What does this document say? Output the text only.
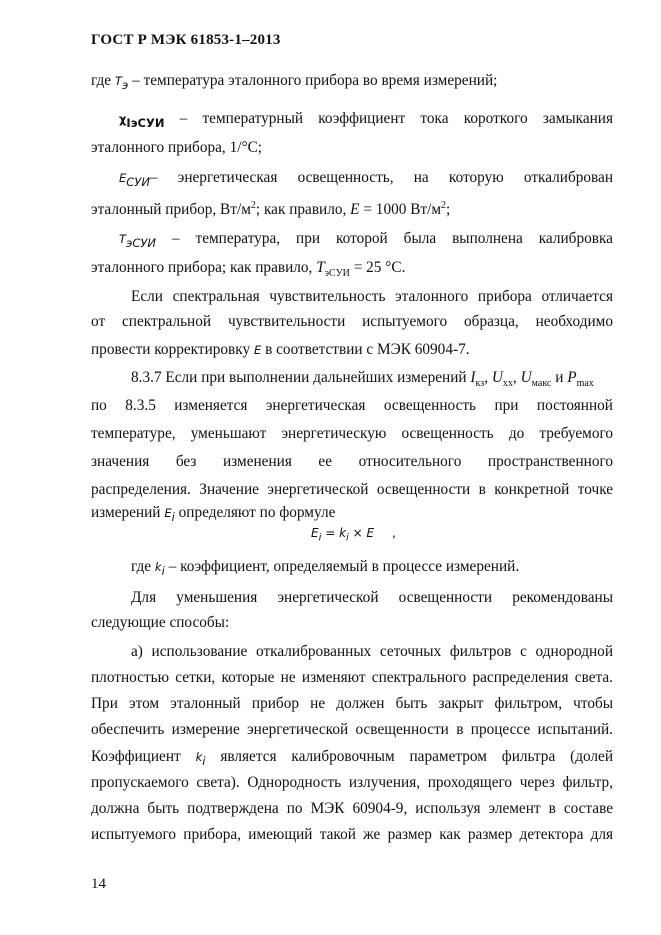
ГОСТ Р МЭК 61853-1–2013
где $T_э$ – температура эталонного прибора во время измерений;
$\chi_{IэСУИ}$ – температурный коэффициент тока короткого замыкания
эталонного прибора, 1/°С;
$E_{СУИ}-$ энергетическая освещенность, на которую откалиброван
эталонный прибор, $Вт/м^2$; как правило, E = 1000 $Вт/м^2$;
$T_{эСУИ}$ – температура, при которой была выполнена калибровка
эталонного прибора; как правило, $T_{эСУИ} = 25$ °С.
Если спектральная чувствительность эталонного прибора отличается
от спектральной чувствительности испытуемого образца, необходимо
провести корректировку E в соответствии с МЭК 60904-7.
8.3.7 Если при выполнении дальнейших измерений $I_{кз}$, $U_{хх}$, $U_{макс}$ и $P_{max}$
по 8.3.5 изменяется энергетическая освещенность при постоянной
температуре, уменьшают энергетическую освещенность до требуемого
значения без изменения ее относительного пространственного
распределения. Значение энергетической освещенности в конкретной точке
измерений $E_i$ определяют по формуле
$E_i = k_i \times E$ ,
где $k_i$ – коэффициент, определяемый в процессе измерений.
Для уменьшения энергетической освещенности рекомендованы
следующие способы:
а) использование откалиброванных сеточных фильтров с однородной
плотностью сетки, которые не изменяют спектрального распределения света.
При этом эталонный прибор не должен быть закрыт фильтром, чтобы
обеспечить измерение энергетической освещенности в процессе испытаний.
Коэффициент $k_i$ является калибровочным параметром фильтра (долей
пропускаемого света). Однородность излучения, проходящего через фильтр,
должна быть подтверждена по МЭК 60904-9, используя элемент в составе
испытуемого прибора, имеющий такой же размер как размер детектора для
14
